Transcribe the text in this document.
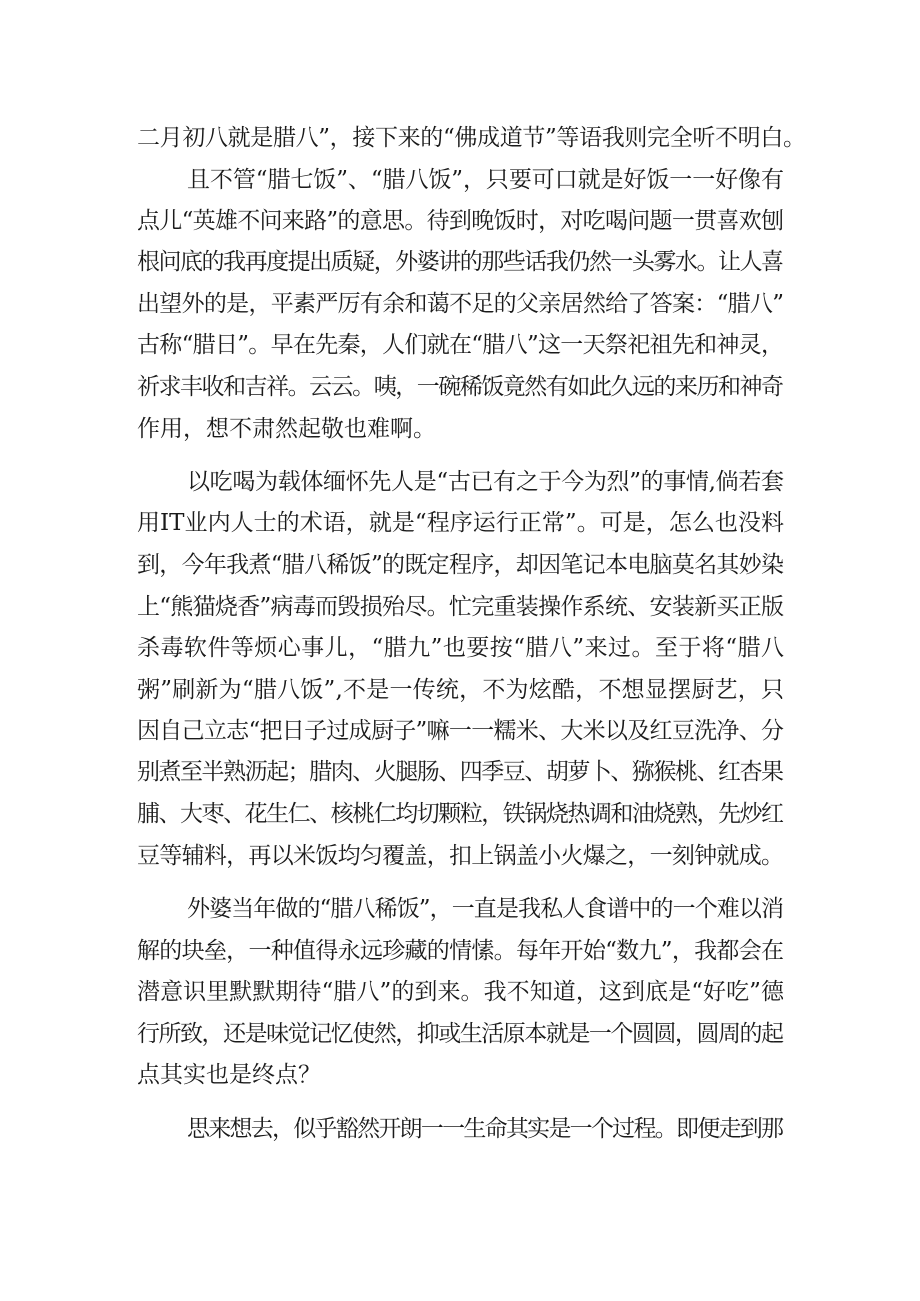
二月初八就是腊八”，接下来的“佛成道节”等语我则完全听不明白。
且不管“腊七饭”、“腊八饭”，只要可口就是好饭一一好像有
点儿“英雄不问来路”的意思。待到晚饭时，对吃喝问题一贯喜欢刨
根问底的我再度提出质疑，外婆讲的那些话我仍然一头雾水。让人喜
出望外的是，平素严厉有余和蔼不足的父亲居然给了答案：“腊八”
古称“腊日”。早在先秦，人们就在“腊八”这一天祭祀祖先和神灵，
祈求丰收和吉祥。云云。咦，一碗稀饭竟然有如此久远的来历和神奇
作用，想不肃然起敬也难啊。
以吃喝为载体缅怀先人是“古已有之于今为烈”的事情,倘若套
用IT业内人士的术语，就是“程序运行正常”。可是，怎么也没料
到，今年我煮“腊八稀饭”的既定程序，却因笔记本电脑莫名其妙染
上“熊猫烧香”病毒而毁损殆尽。忙完重装操作系统、安装新买正版
杀毒软件等烦心事儿，“腊九”也要按“腊八”来过。至于将“腊八
粥”刷新为“腊八饭”,不是一传统，不为炫酷，不想显摆厨艺，只
因自己立志“把日子过成厨子”嘛一一糯米、大米以及红豆洗净、分
别煮至半熟沥起；腊肉、火腿肠、四季豆、胡萝卜、猕猴桃、红杏果
脯、大枣、花生仁、核桃仁均切颗粒，铁锅烧热调和油烧熟，先炒红
豆等辅料，再以米饭均匀覆盖，扣上锅盖小火爆之，一刻钟就成。
外婆当年做的“腊八稀饭”，一直是我私人食谱中的一个难以消
解的块垒，一种值得永远珍藏的情愫。每年开始“数九”，我都会在
潜意识里默默期待“腊八”的到来。我不知道，这到底是“好吃”德
行所致，还是味觉记忆使然，抑或生活原本就是一个圆圆，圆周的起
点其实也是终点？
思来想去，似乎豁然开朗一一生命其实是一个过程。即便走到那
